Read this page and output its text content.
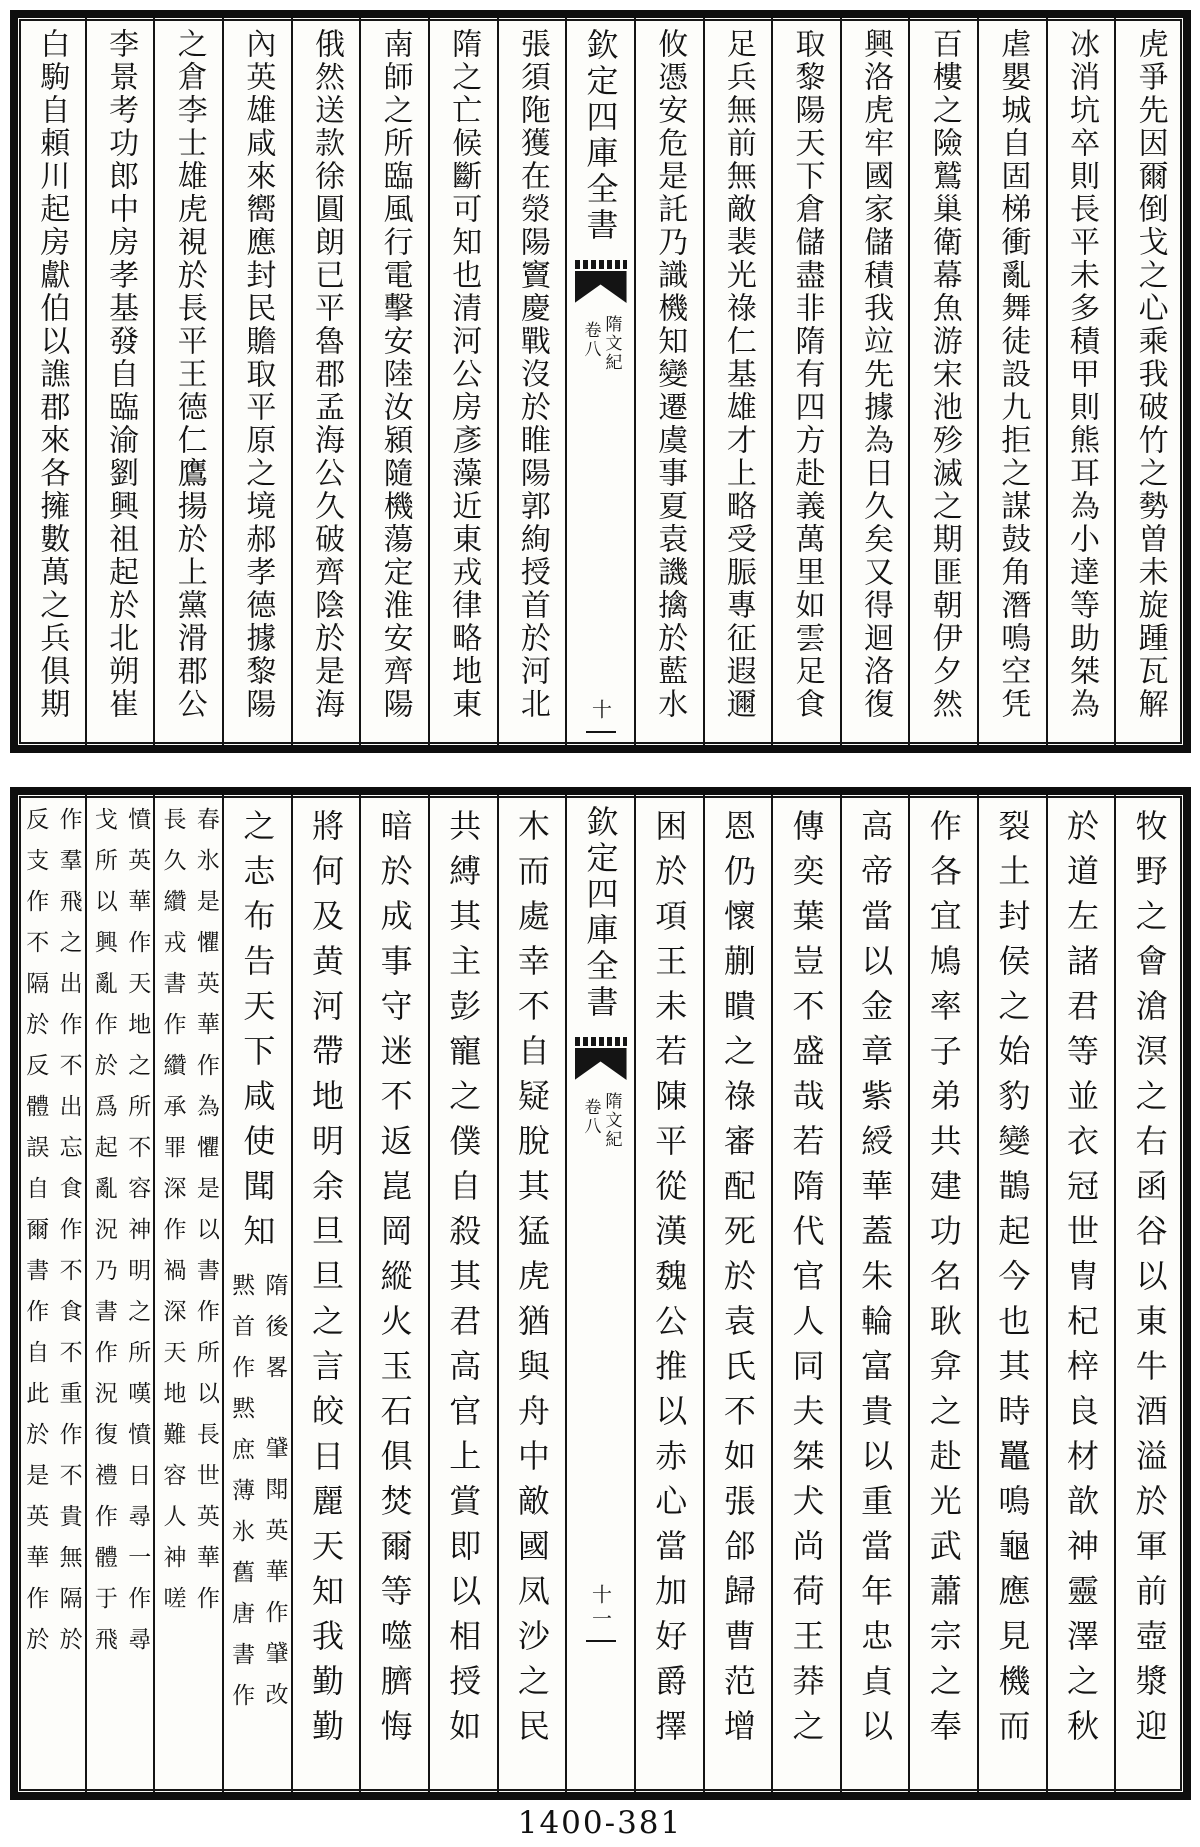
虎爭先因爾倒戈之心乘我破竹之勢曽未旋踵瓦解
冰消坑卒則長平未多積甲則熊耳為小達等助桀為
虐嬰城自固梯衝亂舞徒設九拒之謀鼓角潛鳴空凭
百樓之險鷲巢衛幕魚游宋池殄滅之期匪朝伊夕然
興洛虎牢國家儲積我竝先據為日久矣又得迴洛復
取黎陽天下倉儲盡非隋有四方赴義萬里如雲足食
足兵無前無敵裴光祿仁基雄才上略受脤專征遐邇
攸憑安危是託乃識機知變遷虞事夏袁譏擒於藍水
欽定四庫全書
隋文紀
卷八
十
張須陁獲在滎陽竇慶戰沒於睢陽郭絢授首於河北
隋之亡候斷可知也清河公房彥藻近東戎律略地東
南師之所臨風行電擊安陸汝潁隨機蕩定淮安齊陽
俄然送款徐圓朗已平魯郡孟海公久破齊陰於是海
內英雄咸來嚮應封民贍取平原之境郝孝德據黎陽
之倉李士雄虎視於長平王德仁鷹揚於上黨滑郡公
李景考功郎中房孝基發自臨渝劉興祖起於北朔崔
白駒自頼川起房獻伯以譙郡來各擁數萬之兵俱期
牧野之會滄溟之右函谷以東牛酒溢於軍前壺漿迎
於道左諸君等並衣冠世冑杞梓良材歆神靈澤之秋
裂土封侯之始豹變鵲起今也其時鼉鳴龜應見機而
作各宜鳩率子弟共建功名耿弇之赴光武蕭宗之奉
高帝當以金章紫綬華蓋朱輪富貴以重當年忠貞以
傳奕葉豈不盛哉若隋代官人同夫桀犬尚荷王莽之
恩仍懷蒯瞶之祿審配死於袁氏不如張郃歸曹范增
困於項王未若陳平從漢魏公推以赤心當加好爵擇
欽定四庫全書
隋文紀
卷八
十一
木而處幸不自疑脫其猛虎猶與舟中敵國凤沙之民
共縛其主彭寵之僕自殺其君高官上賞即以相授如
暗於成事守迷不返崑岡縱火玉石俱焚爾等噬臍悔
將何及黄河帶地明余旦旦之言皎日麗天知我勤勤
之志布告天下咸使聞知
隋後畧
肈閗英華作肈改
黙首作黙庶薄氷舊唐書作
春氷是懼英華作為懼是以書作所以長世英華作
長久纘戎書作纘承罪深作禍深天地難容人神嗟
憤英華作天地之所不容神明之所嘆憤日尋一作尋
戈所以興亂作於爲起亂況乃書作況復禮作體于飛
作羣飛之出作不出忘食作不食不重作不貴無隔於
反支作不隔於反體誤自爾書作自此於是英華作於
1400-381
